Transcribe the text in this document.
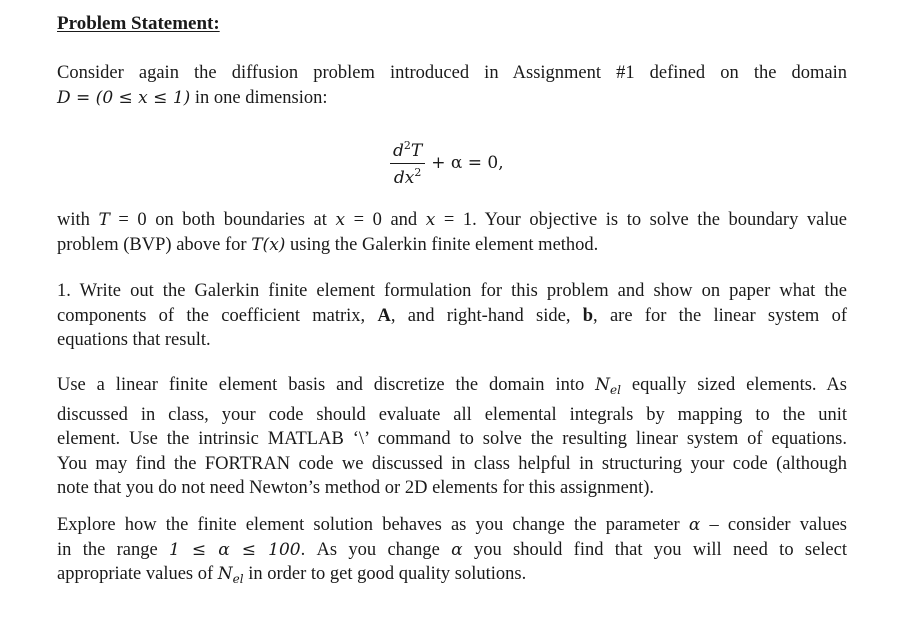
Problem Statement:
Consider again the diffusion problem introduced in Assignment #1 defined on the domain
D = (0 ≤ x ≤ 1) in one dimension:
$\frac{d^2T}{dx^2} + \alpha = 0$,
with T = 0 on both boundaries at x = 0 and x = 1. Your objective is to solve the boundary value
problem (BVP) above for T(x) using the Galerkin finite element method.
1. Write out the Galerkin finite element formulation for this problem and show on paper what the
components of the coefficient matrix, A, and right-hand side, b, are for the linear system of
equations that result.
Use a linear finite element basis and discretize the domain into $N_{el}$ equally sized elements. As
discussed in class, your code should evaluate all elemental integrals by mapping to the unit
element. Use the intrinsic MATLAB ‘\’ command to solve the resulting linear system of equations.
You may find the FORTRAN code we discussed in class helpful in structuring your code (although
note that you do not need Newton’s method or 2D elements for this assignment).
Explore how the finite element solution behaves as you change the parameter α – consider values
in the range 1 ≤ α ≤ 100. As you change α you should find that you will need to select
appropriate values of $N_{el}$ in order to get good quality solutions.
